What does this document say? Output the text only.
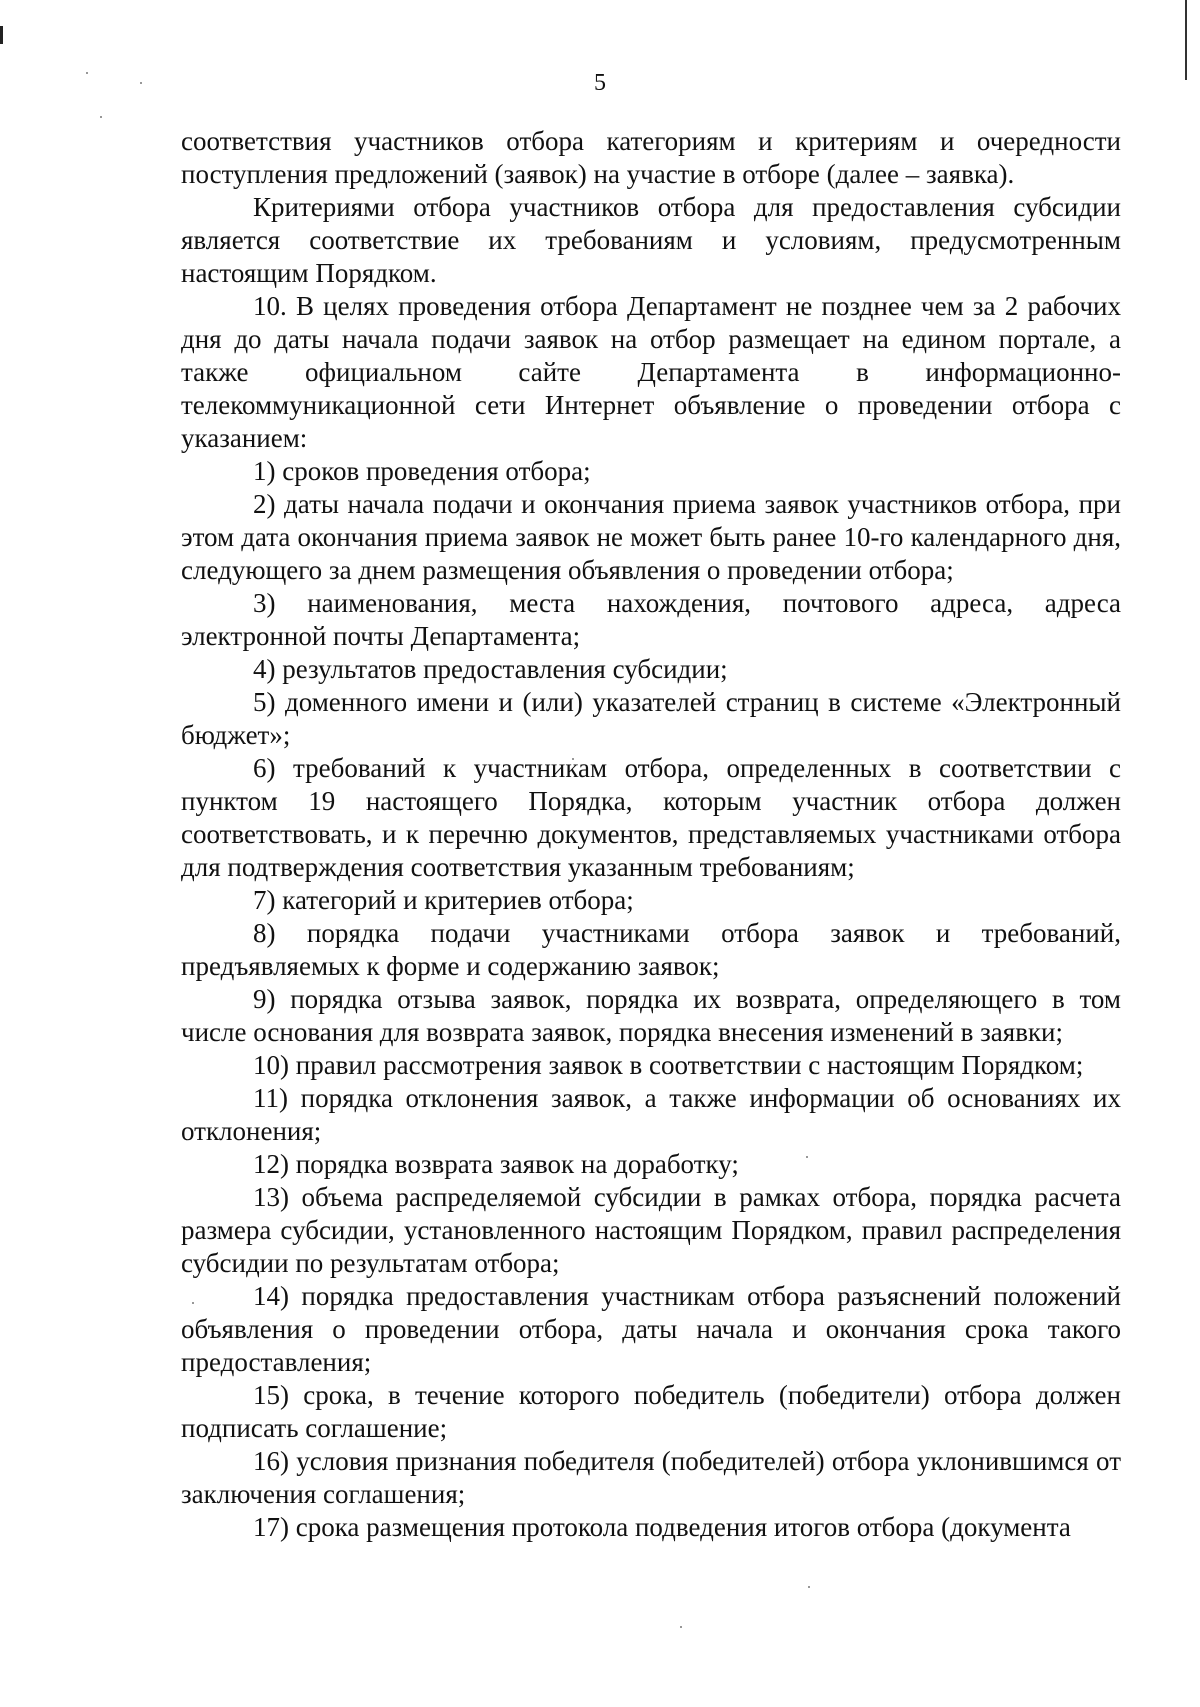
5

соответствия участников отбора категориям и критериям и очередности поступления предложений (заявок) на участие в отборе (далее – заявка).

Критериями отбора участников отбора для предоставления субсидии является соответствие их требованиям и условиям, предусмотренным настоящим Порядком.

10. В целях проведения отбора Департамент не позднее чем за 2 рабочих дня до даты начала подачи заявок на отбор размещает на едином портале, а также официальном сайте Департамента в информационно-телекоммуникационной сети Интернет объявление о проведении отбора с указанием:

1) сроков проведения отбора;

2) даты начала подачи и окончания приема заявок участников отбора, при этом дата окончания приема заявок не может быть ранее 10-го календарного дня, следующего за днем размещения объявления о проведении отбора;

3) наименования, места нахождения, почтового адреса, адреса электронной почты Департамента;

4) результатов предоставления субсидии;

5) доменного имени и (или) указателей страниц в системе «Электронный бюджет»;

6) требований к участникам отбора, определенных в соответствии с пунктом 19 настоящего Порядка, которым участник отбора должен соответствовать, и к перечню документов, представляемых участниками отбора для подтверждения соответствия указанным требованиям;

7) категорий и критериев отбора;

8) порядка подачи участниками отбора заявок и требований, предъявляемых к форме и содержанию заявок;

9) порядка отзыва заявок, порядка их возврата, определяющего в том числе основания для возврата заявок, порядка внесения изменений в заявки;

10) правил рассмотрения заявок в соответствии с настоящим Порядком;

11) порядка отклонения заявок, а также информации об основаниях их отклонения;

12) порядка возврата заявок на доработку;

13) объема распределяемой субсидии в рамках отбора, порядка расчета размера субсидии, установленного настоящим Порядком, правил распределения субсидии по результатам отбора;

14) порядка предоставления участникам отбора разъяснений положений объявления о проведении отбора, даты начала и окончания срока такого предоставления;

15) срока, в течение которого победитель (победители) отбора должен подписать соглашение;

16) условия признания победителя (победителей) отбора уклонившимся от заключения соглашения;

17) срока размещения протокола подведения итогов отбора (документа
